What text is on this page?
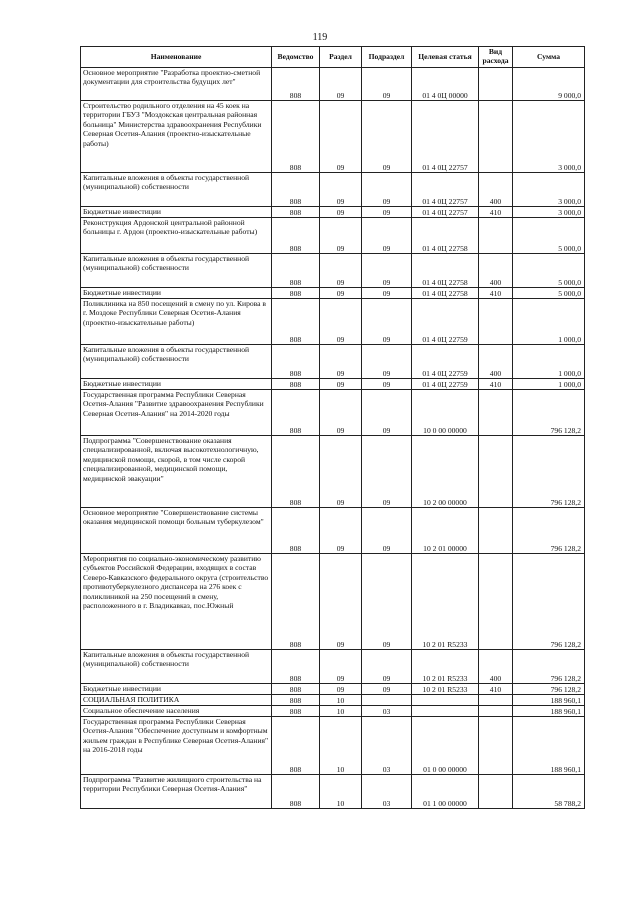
119
Наименование	Ведомство	Раздел	Подраздел	Целевая статья	Вид расхода	Сумма
Основное мероприятие "Разработка проектно-сметной документации для строительства будущих лет"	808	09	09	01 4 0Ц 00000		9 000,0
Строительство родильного отделения на 45 коек на территории ГБУЗ "Моздокская центральная районная больница" Министерства здравоохранения Республики Северная Осетия-Алания (проектно-изыскательные работы)	808	09	09	01 4 0Ц 22757		3 000,0
Капитальные вложения в объекты государственной (муниципальной) собственности	808	09	09	01 4 0Ц 22757	400	3 000,0
Бюджетные инвестиции	808	09	09	01 4 0Ц 22757	410	3 000,0
Реконструкция Ардонской центральной районной больницы г. Ардон (проектно-изыскательные работы)	808	09	09	01 4 0Ц 22758		5 000,0
Капитальные вложения в объекты государственной (муниципальной) собственности	808	09	09	01 4 0Ц 22758	400	5 000,0
Бюджетные инвестиции	808	09	09	01 4 0Ц 22758	410	5 000,0
Поликлиника на 850 посещений в смену по ул. Кирова в г. Моздоке Республики Северная Осетия-Алания (проектно-изыскательные работы)	808	09	09	01 4 0Ц 22759		1 000,0
Капитальные вложения в объекты государственной (муниципальной) собственности	808	09	09	01 4 0Ц 22759	400	1 000,0
Бюджетные инвестиции	808	09	09	01 4 0Ц 22759	410	1 000,0
Государственная программа Республики Северная Осетия-Алания "Развитие здравоохранения Республики Северная Осетия-Алания" на 2014-2020 годы	808	09	09	10 0 00 00000		796 128,2
Подпрограмма "Совершенствование оказания специализированной, включая высокотехнологичную, медицинской помощи, скорой, в том числе скорой специализированной, медицинской помощи, медицинской эвакуации"	808	09	09	10 2 00 00000		796 128,2
Основное мероприятие "Совершенствование системы оказания медицинской помощи больным туберкулезом"	808	09	09	10 2 01 00000		796 128,2
Мероприятия по социально-экономическому развитию субъектов Российской Федерации, входящих в состав Северо-Кавказского федерального округа (строительство противотуберкулезного диспансера на 276 коек с поликлиникой на 250 посещений в смену, расположенного в г. Владикавказ, пос.Южный	808	09	09	10 2 01 R5233		796 128,2
Капитальные вложения в объекты государственной (муниципальной) собственности	808	09	09	10 2 01 R5233	400	796 128,2
Бюджетные инвестиции	808	09	09	10 2 01 R5233	410	796 128,2
СОЦИАЛЬНАЯ ПОЛИТИКА	808	10				188 960,1
Социальное обеспечение населения	808	10	03			188 960,1
Государственная программа Республики Северная Осетия-Алания "Обеспечение доступным и комфортным жильем граждан в Республике Северная Осетия-Алания" на 2016-2018 годы	808	10	03	01 0 00 00000		188 960,1
Подпрограмма "Развитие жилищного строительства на территории Республики Северная Осетия-Алания"	808	10	03	01 1 00 00000		58 788,2
